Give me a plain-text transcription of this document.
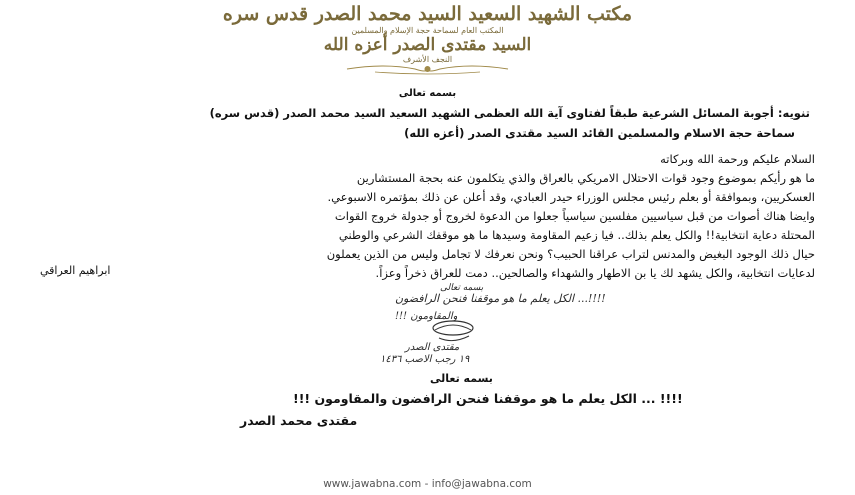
مكتب الشهيد السعيد السيد محمد الصدر قدس سره
المكتب العام لسماحة حجة الإسلام والمسلمين
السيد مقتدى الصدر أعزه الله
النجف الأشرف
بسمه تعالى
تنويه: أجوبة المسائل الشرعية طبقاً لفتاوى آية الله العظمى الشهيد السعيد السيد محمد الصدر (قدس سره)
سماحة حجة الاسلام والمسلمين القائد السيد مقتدى الصدر (أعزه الله)
السلام عليكم ورحمة الله وبركاته
ما هو رأيكم بموضوع وجود قوات الاحتلال الامريكي بالعراق والذي يتكلمون عنه بحجة المستشارين
العسكريين، وبموافقة أو بعلم رئيس مجلس الوزراء حيدر العبادي، وقد أعلن عن ذلك بمؤتمره الاسبوعي.
وايضا هناك أصوات من قبل سياسيين مفلسين سياسياً جعلوا من الدعوة لخروج أو جدولة خروج القوات
المحتلة دعاية انتخابية!! والكل يعلم بذلك.. فيا زعيم المقاومة وسيدها ما هو موقفك الشرعي والوطني
حيال ذلك الوجود البغيض والمدنس لتراب عراقنا الحبيب؟ ونحن نعرفك لا تجامل وليس من الذين يعملون
لدعايات انتخابية، والكل يشهد لك يا بن الاطهار والشهداء والصالحين.. دمت للعراق ذخراً وعزاً.
ابراهيم العراقي
بسمه تعالى
!!!!... الكل يعلم ما هو موقفنا فنحن الرافضون
والمقاومون !!!
مقتدى الصدر
١٩ رجب الاصب ١٤٣٦
بسمه تعالى
!!!! ... الكل يعلم ما هو موقفنا فنحن الرافضون والمقاومون !!!
مقتدى محمد الصدر
www.jawabna.com - info@jawabna.com
